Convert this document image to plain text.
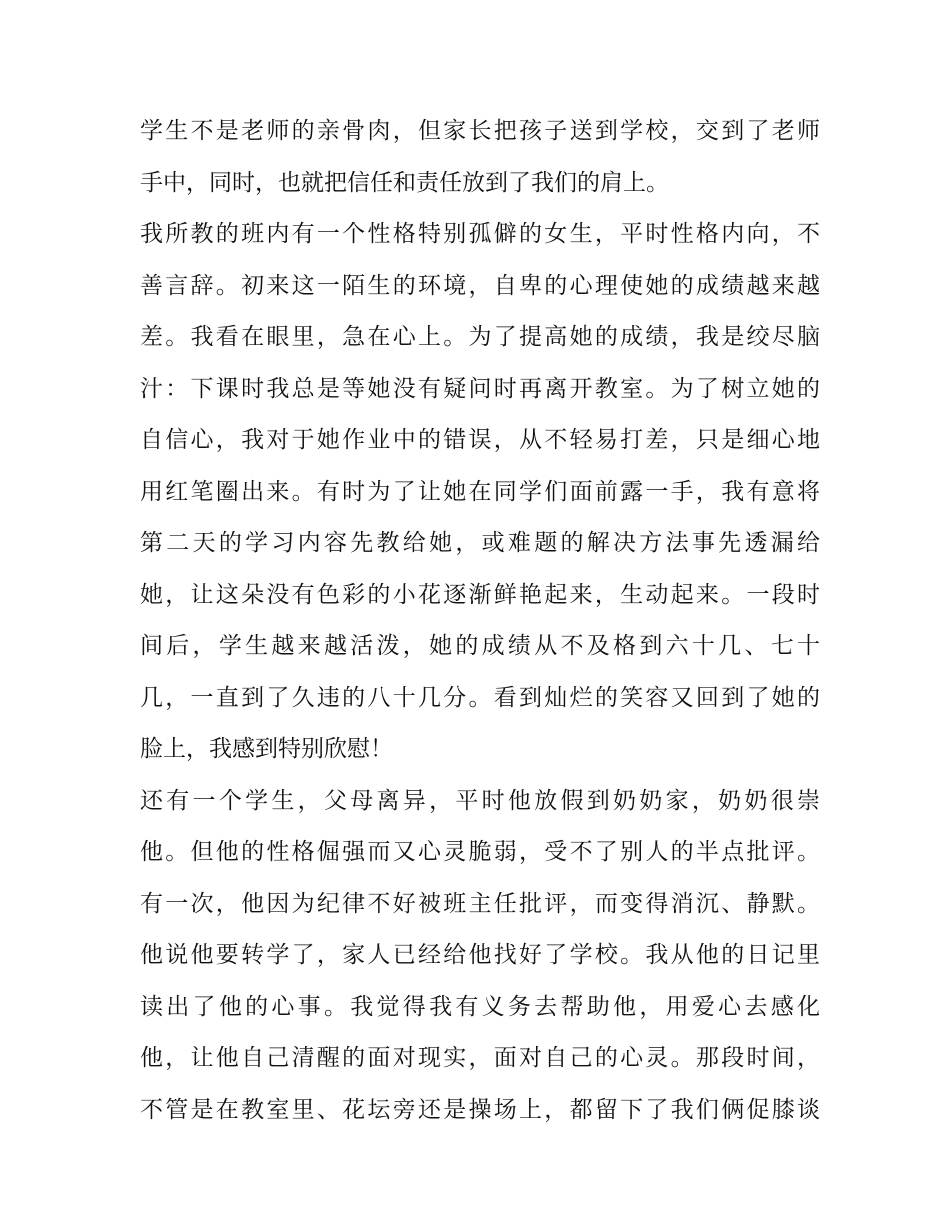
学生不是老师的亲骨肉，但家长把孩子送到学校，交到了老师
手中，同时，也就把信任和责任放到了我们的肩上。
我所教的班内有一个性格特别孤僻的女生，平时性格内向，不
善言辞。初来这一陌生的环境，自卑的心理使她的成绩越来越
差。我看在眼里，急在心上。为了提高她的成绩，我是绞尽脑
汁：下课时我总是等她没有疑问时再离开教室。为了树立她的
自信心，我对于她作业中的错误，从不轻易打差，只是细心地
用红笔圈出来。有时为了让她在同学们面前露一手，我有意将
第二天的学习内容先教给她，或难题的解决方法事先透漏给
她，让这朵没有色彩的小花逐渐鲜艳起来，生动起来。一段时
间后，学生越来越活泼，她的成绩从不及格到六十几、七十
几，一直到了久违的八十几分。看到灿烂的笑容又回到了她的
脸上，我感到特别欣慰！
还有一个学生，父母离异，平时他放假到奶奶家，奶奶很崇
他。但他的性格倔强而又心灵脆弱，受不了别人的半点批评。
有一次，他因为纪律不好被班主任批评，而变得消沉、静默。
他说他要转学了，家人已经给他找好了学校。我从他的日记里
读出了他的心事。我觉得我有义务去帮助他，用爱心去感化
他，让他自己清醒的面对现实，面对自己的心灵。那段时间，
不管是在教室里、花坛旁还是操场上，都留下了我们俩促膝谈
